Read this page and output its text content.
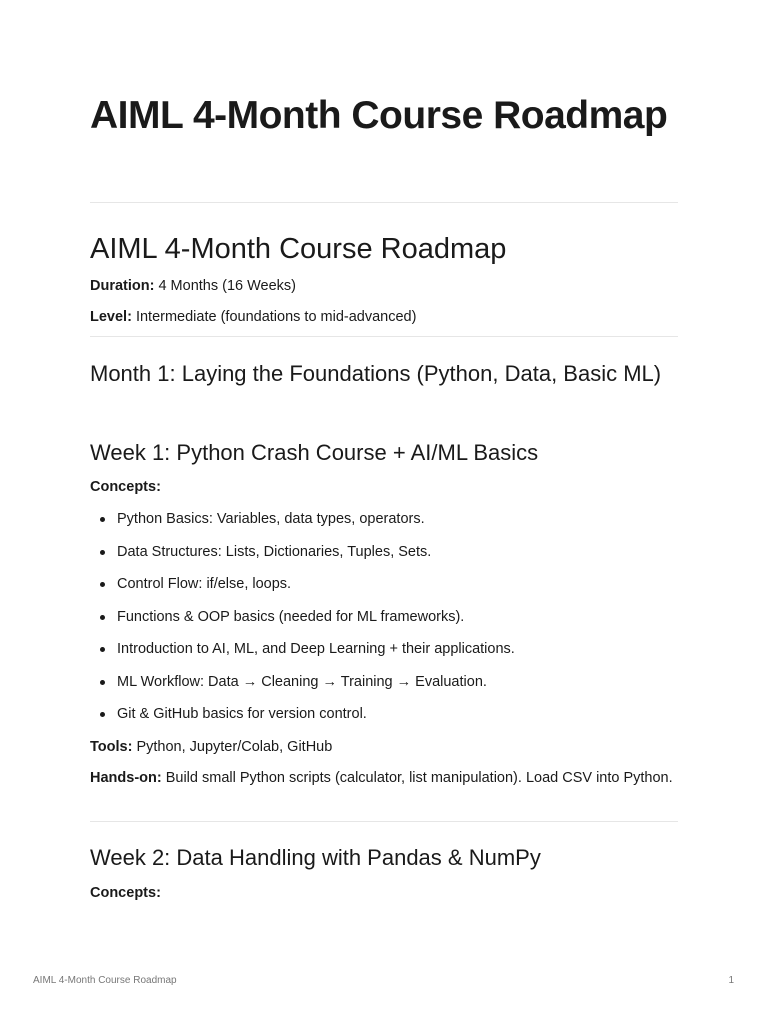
AIML 4-Month Course Roadmap
AIML 4-Month Course Roadmap

Duration: 4 Months (16 Weeks)

Level: Intermediate (foundations to mid-advanced)

Month 1: Laying the Foundations (Python, Data, Basic ML)
Week 1: Python Crash Course + AI/ML Basics

Concepts:

Python Basics: Variables, data types, operators.
Data Structures: Lists, Dictionaries, Tuples, Sets.
Control Flow: if/else, loops.
Functions & OOP basics (needed for ML frameworks).
Introduction to AI, ML, and Deep Learning + their applications.
ML Workflow: Data → Cleaning → Training → Evaluation.
Git & GitHub basics for version control.

Tools: Python, Jupyter/Colab, GitHub

Hands-on: Build small Python scripts (calculator, list manipulation). Load CSV into Python.

Week 2: Data Handling with Pandas & NumPy

Concepts:

AIML 4-Month Course Roadmap	1
